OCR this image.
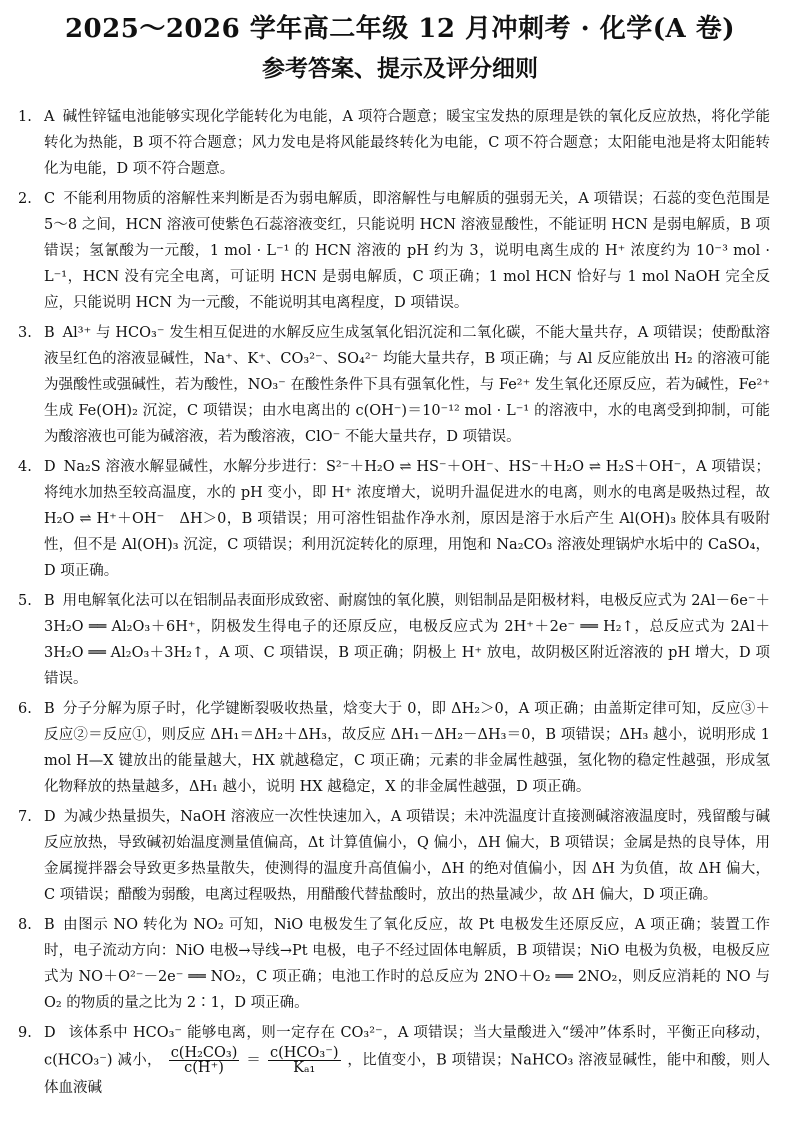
2025～2026 学年高二年级 12 月冲刺考 · 化学(A 卷)
参考答案、提示及评分细则
1. A 碱性锌锰电池能够实现化学能转化为电能，A 项符合题意；暖宝宝发热的原理是铁的氧化反应放热，将化学能转化为热能，B 项不符合题意；风力发电是将风能最终转化为电能，C 项不符合题意；太阳能电池是将太阳能转化为电能，D 项不符合题意。
2. C 不能利用物质的溶解性来判断是否为弱电解质，即溶解性与电解质的强弱无关，A 项错误；石蕊的变色范围是 5～8 之间，HCN 溶液可使紫色石蕊溶液变红，只能说明 HCN 溶液显酸性，不能证明 HCN 是弱电解质，B 项错误；氢氰酸为一元酸，1 mol · L⁻¹ 的 HCN 溶液的 pH 约为 3，说明电离生成的 H⁺ 浓度约为 10⁻³ mol · L⁻¹，HCN 没有完全电离，可证明 HCN 是弱电解质，C 项正确；1 mol HCN 恰好与 1 mol NaOH 完全反应，只能说明 HCN 为一元酸，不能说明其电离程度，D 项错误。
3. B Al³⁺ 与 HCO₃⁻ 发生相互促进的水解反应生成氢氧化铝沉淀和二氧化碳，不能大量共存，A 项错误；使酚酞溶液呈红色的溶液显碱性，Na⁺、K⁺、CO₃²⁻、SO₄²⁻ 均能大量共存，B 项正确；与 Al 反应能放出 H₂ 的溶液可能为强酸性或强碱性，若为酸性，NO₃⁻ 在酸性条件下具有强氧化性，与 Fe²⁺ 发生氧化还原反应，若为碱性，Fe²⁺ 生成 Fe(OH)₂ 沉淀，C 项错误；由水电离出的 c(OH⁻)＝10⁻¹² mol · L⁻¹ 的溶液中，水的电离受到抑制，可能为酸溶液也可能为碱溶液，若为酸溶液，ClO⁻ 不能大量共存，D 项错误。
4. D Na₂S 溶液水解显碱性，水解分步进行：S²⁻＋H₂O ⇌ HS⁻＋OH⁻、HS⁻＋H₂O ⇌ H₂S＋OH⁻，A 项错误；将纯水加热至较高温度，水的 pH 变小，即 H⁺ 浓度增大，说明升温促进水的电离，则水的电离是吸热过程，故 H₂O ⇌ H⁺＋OH⁻　ΔH＞0，B 项错误；用可溶性铝盐作净水剂，原因是溶于水后产生 Al(OH)₃ 胶体具有吸附性，但不是 Al(OH)₃ 沉淀，C 项错误；利用沉淀转化的原理，用饱和 Na₂CO₃ 溶液处理锅炉水垢中的 CaSO₄，D 项正确。
5. B 用电解氧化法可以在铝制品表面形成致密、耐腐蚀的氧化膜，则铝制品是阳极材料，电极反应式为 2Al－6e⁻＋3H₂O ══ Al₂O₃＋6H⁺，阴极发生得电子的还原反应，电极反应式为 2H⁺＋2e⁻ ══ H₂↑，总反应式为 2Al＋3H₂O ══ Al₂O₃＋3H₂↑，A 项、C 项错误，B 项正确；阴极上 H⁺ 放电，故阴极区附近溶液的 pH 增大，D 项错误。
6. B 分子分解为原子时，化学键断裂吸收热量，焓变大于 0，即 ΔH₂＞0，A 项正确；由盖斯定律可知，反应③＋反应②＝反应①，则反应 ΔH₁＝ΔH₂＋ΔH₃，故反应 ΔH₁－ΔH₂－ΔH₃＝0，B 项错误；ΔH₃ 越小，说明形成 1 mol H—X 键放出的能量越大，HX 就越稳定，C 项正确；元素的非金属性越强，氢化物的稳定性越强，形成氢化物释放的热量越多，ΔH₁ 越小，说明 HX 越稳定，X 的非金属性越强，D 项正确。
7. D 为减少热量损失，NaOH 溶液应一次性快速加入，A 项错误；未冲洗温度计直接测碱溶液温度时，残留酸与碱反应放热，导致碱初始温度测量值偏高，Δt 计算值偏小，Q 偏小，ΔH 偏大，B 项错误；金属是热的良导体，用金属搅拌器会导致更多热量散失，使测得的温度升高值偏小，ΔH 的绝对值偏小，因 ΔH 为负值，故 ΔH 偏大，C 项错误；醋酸为弱酸，电离过程吸热，用醋酸代替盐酸时，放出的热量减少，故 ΔH 偏大，D 项正确。
8. B 由图示 NO 转化为 NO₂ 可知，NiO 电极发生了氧化反应，故 Pt 电极发生还原反应，A 项正确；装置工作时，电子流动方向：NiO 电极→导线→Pt 电极，电子不经过固体电解质，B 项错误；NiO 电极为负极，电极反应式为 NO＋O²⁻－2e⁻ ══ NO₂，C 项正确；电池工作时的总反应为 2NO＋O₂ ══ 2NO₂，则反应消耗的 NO 与 O₂ 的物质的量之比为 2∶1，D 项正确。
9. D 该体系中 HCO₃⁻ 能够电离，则一定存在 CO₃²⁻，A 项错误；当大量酸进入“缓冲”体系时，平衡正向移动， c(HCO₃⁻) 减小， $\frac{\text{c(H₂CO₃)}}{c(H^+)} = \frac{\text{c(HCO₃⁻)}}{\text{Kₐ₁}}$ ，比值变小，B 项错误；NaHCO₃ 溶液显碱性，能中和酸，则人体血液碱
